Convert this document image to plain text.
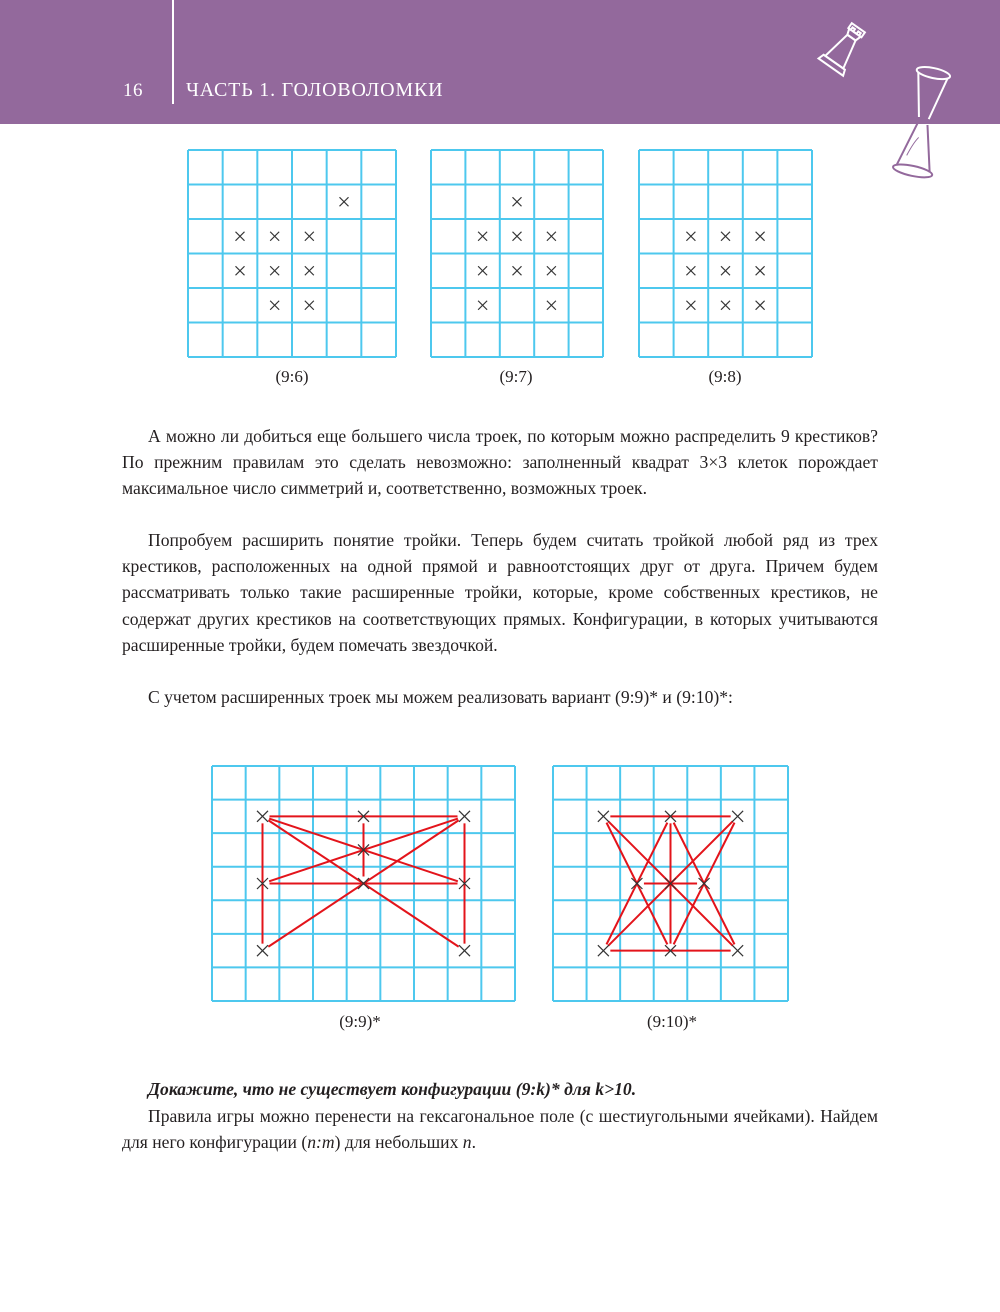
16 ЧАСТЬ 1. ГОЛОВОЛОМКИ
(9:6)	(9:7)	(9:8)

А можно ли добиться еще большего числа троек, по которым можно распределить 9 крестиков? По прежним правилам это сделать невозможно: заполненный квадрат 3×3 клеток порождает максимальное число симметрий и, соответственно, возможных троек.

Попробуем расширить понятие тройки. Теперь будем считать тройкой любой ряд из трех крестиков, расположенных на одной прямой и равноотстоящих друг от друга. Причем будем рассматривать только такие расширенные тройки, которые, кроме собственных крестиков, не содержат других крестиков на соответствующих прямых. Конфигурации, в которых учитываются расширенные тройки, будем помечать звездочкой.

С учетом расширенных троек мы можем реализовать вариант (9:9)* и (9:10)*:

(9:9)*	(9:10)*

Докажите, что не существует конфигурации (9:k)* для k>10.

Правила игры можно перенести на гексагональное поле (с шестиугольными ячейками). Найдем для него конфигурации (n:m) для небольших n.
